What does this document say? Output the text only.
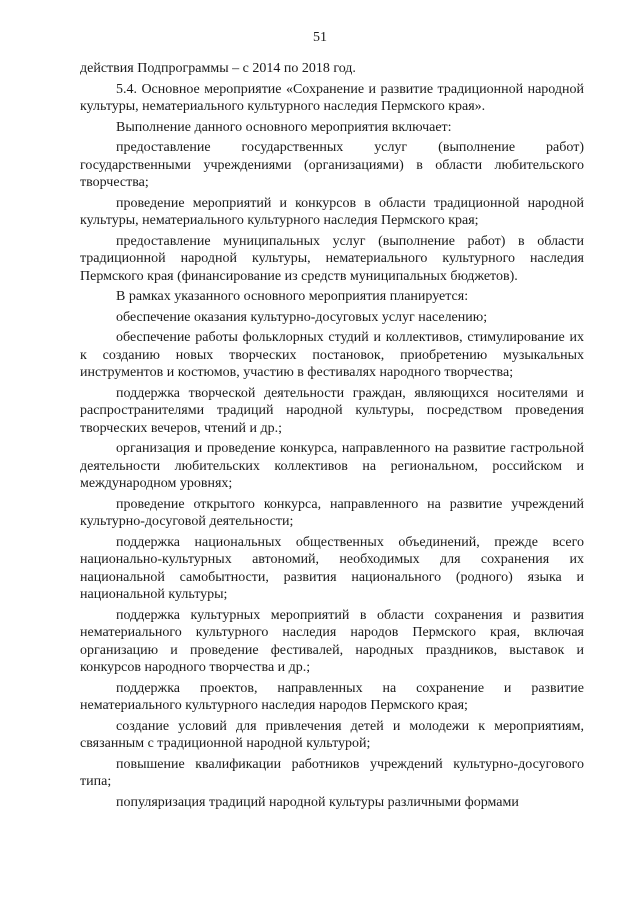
51

действия Подпрограммы – с 2014 по 2018 год.

5.4. Основное мероприятие «Сохранение и развитие традиционной народной культуры, нематериального культурного наследия Пермского края».

Выполнение данного основного мероприятия включает:

предоставление государственных услуг (выполнение работ) государственными учреждениями (организациями) в области любительского творчества;

проведение мероприятий и конкурсов в области традиционной народной культуры, нематериального культурного наследия Пермского края;

предоставление муниципальных услуг (выполнение работ) в области традиционной народной культуры, нематериального культурного наследия Пермского края (финансирование из средств муниципальных бюджетов).

В рамках указанного основного мероприятия планируется:

обеспечение оказания культурно-досуговых услуг населению;

обеспечение работы фольклорных студий и коллективов, стимулирование их к созданию новых творческих постановок, приобретению музыкальных инструментов и костюмов, участию в фестивалях народного творчества;

поддержка творческой деятельности граждан, являющихся носителями и распространителями традиций народной культуры, посредством проведения творческих вечеров, чтений и др.;

организация и проведение конкурса, направленного на развитие гастрольной деятельности любительских коллективов на региональном, российском и международном уровнях;

проведение открытого конкурса, направленного на развитие учреждений культурно-досуговой деятельности;

поддержка национальных общественных объединений, прежде всего национально-культурных автономий, необходимых для сохранения их национальной самобытности, развития национального (родного) языка и национальной культуры;

поддержка культурных мероприятий в области сохранения и развития нематериального культурного наследия народов Пермского края, включая организацию и проведение фестивалей, народных праздников, выставок и конкурсов народного творчества и др.;

поддержка проектов, направленных на сохранение и развитие нематериального культурного наследия народов Пермского края;

создание условий для привлечения детей и молодежи к мероприятиям, связанным с традиционной народной культурой;

повышение квалификации работников учреждений культурно-досугового типа;

популяризация традиций народной культуры различными формами
